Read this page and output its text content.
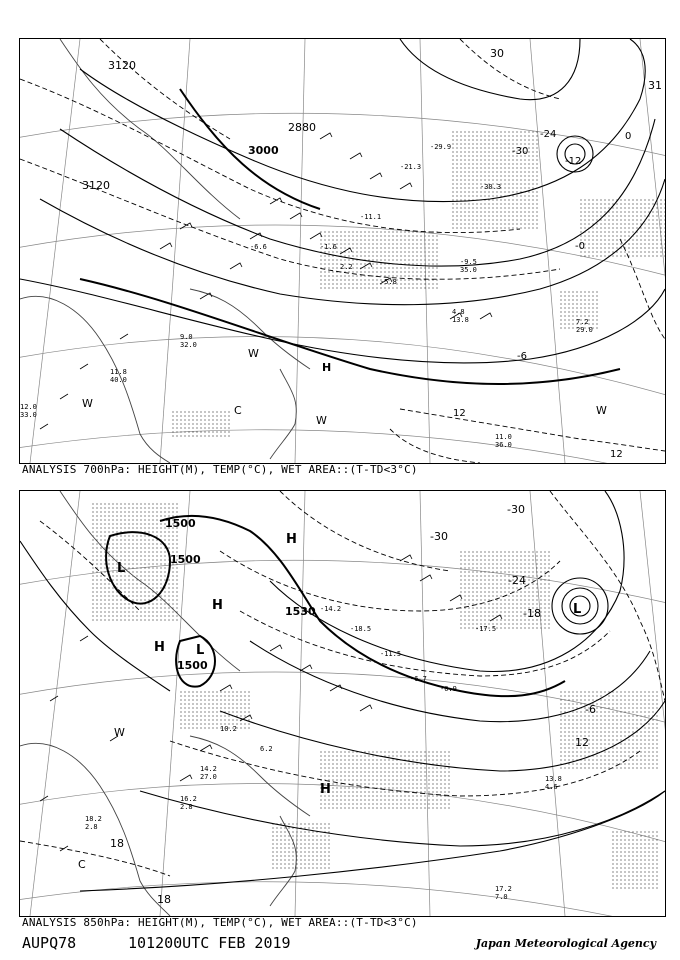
3120
3000
2880
3120
30
31
0
-6
-12
-24
-30
-0
12
12
H
W
W
C
W
W
11.8
40.0
11.0
36.0
7.2
29.0
9.0
32.0
12.0
33.0
4.8
13.8
-6.6	-1.6
-11.1
-21.3
-29.9
-30.3
2.2
-5.8
-9.5
35.0
ANALYSIS 700hPa: HEIGHT(M), TEMP(°C), WET AREA::(T-TD<3°C)
1500
1500
1530
1500
-30
-24
-18
-6
12
18
18
-30
L
L
H
H
H
H
L
W
C
13.8
4.6
17.2
7.0
18.2
2.8
14.2
27.0
16.2
2.8
-14.2
-18.5
-11.5
-6.7
-0.9
-17.5
10.2
6.2
ANALYSIS 850hPa: HEIGHT(M), TEMP(°C), WET AREA::(T-TD<3°C)
AUPQ78	101200UTC FEB 2019	Japan Meteorological Agency
